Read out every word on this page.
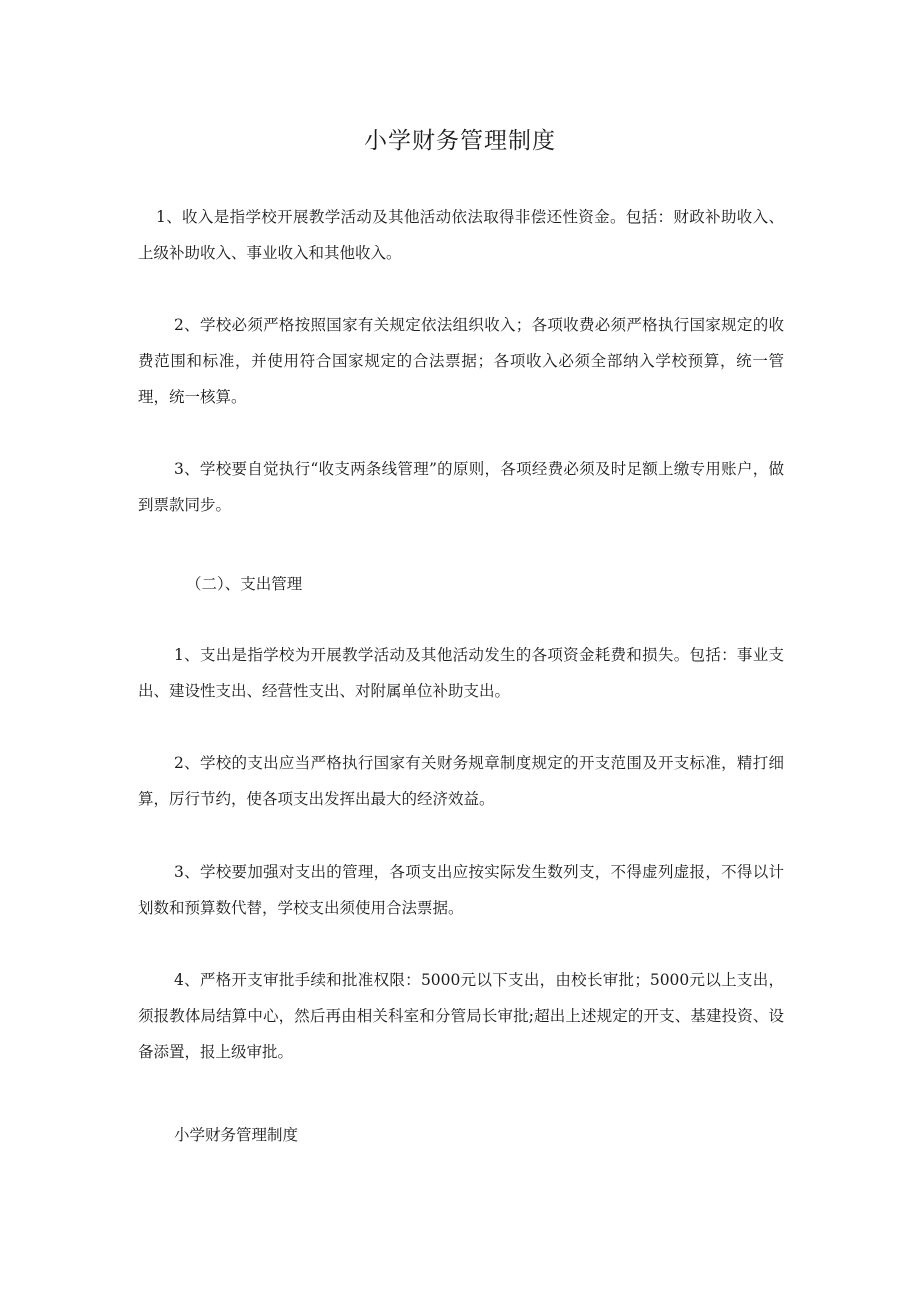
小学财务管理制度
1、收入是指学校开展教学活动及其他活动依法取得非偿还性资金。包括：财政补助收入、上级补助收入、事业收入和其他收入。
2、学校必须严格按照国家有关规定依法组织收入；各项收费必须严格执行国家规定的收费范围和标准，并使用符合国家规定的合法票据；各项收入必须全部纳入学校预算，统一管理，统一核算。
3、学校要自觉执行“收支两条线管理”的原则，各项经费必须及时足额上缴专用账户，做到票款同步。
（二）、支出管理
1、支出是指学校为开展教学活动及其他活动发生的各项资金耗费和损失。包括：事业支出、建设性支出、经营性支出、对附属单位补助支出。
2、学校的支出应当严格执行国家有关财务规章制度规定的开支范围及开支标准，精打细算，厉行节约，使各项支出发挥出最大的经济效益。
3、学校要加强对支出的管理，各项支出应按实际发生数列支，不得虚列虚报，不得以计划数和预算数代替，学校支出须使用合法票据。
4、严格开支审批手续和批准权限：5000元以下支出，由校长审批；5000元以上支出，须报教体局结算中心，然后再由相关科室和分管局长审批;超出上述规定的开支、基建投资、设备添置，报上级审批。
小学财务管理制度
